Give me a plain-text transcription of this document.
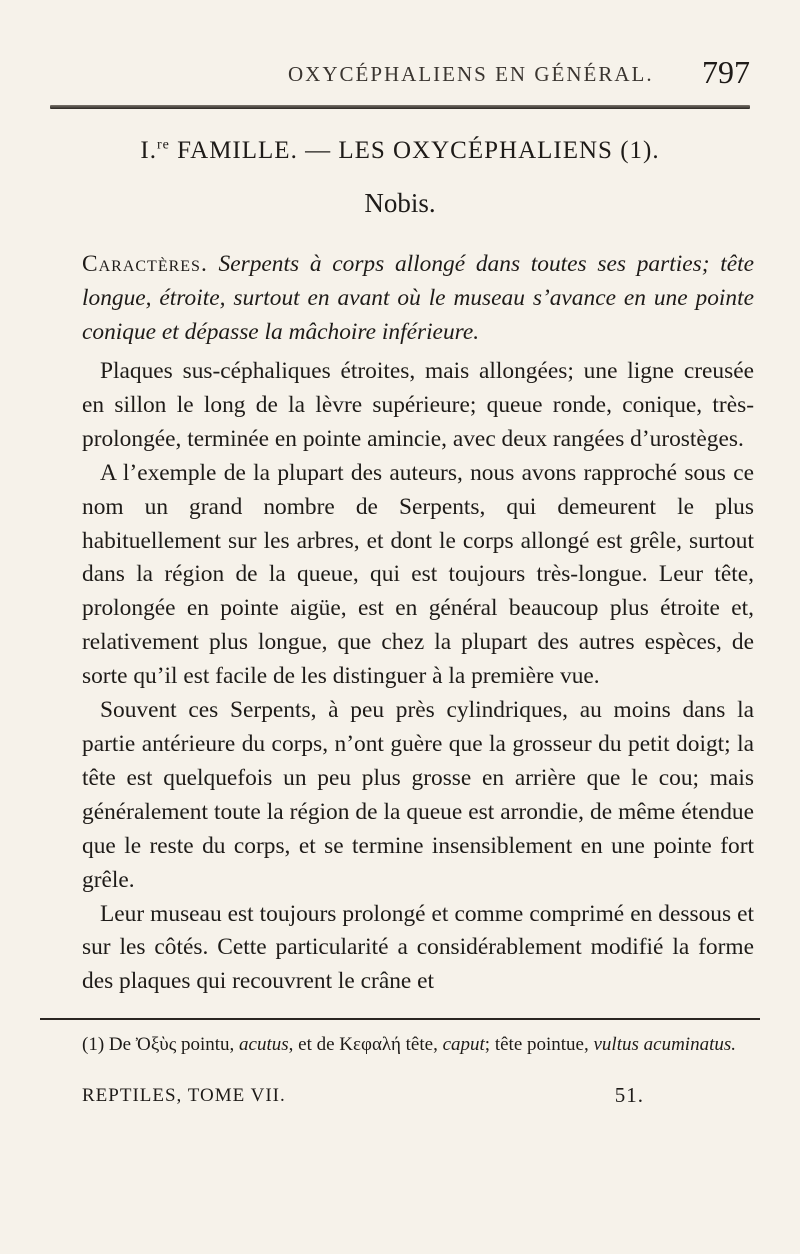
OXYCÉPHALIENS EN GÉNÉRAL. 797
I.$^{re}$ FAMILLE. — LES OXYCÉPHALIENS (1).
Nobis.
Caractères. Serpents à corps allongé dans toutes ses parties; tête longue, étroite, surtout en avant où le museau s’avance en une pointe conique et dépasse la mâchoire inférieure.

Plaques sus-céphaliques étroites, mais allongées; une ligne creusée en sillon le long de la lèvre supérieure; queue ronde, conique, très-prolongée, terminée en pointe amincie, avec deux rangées d’urostèges.

A l’exemple de la plupart des auteurs, nous avons rapproché sous ce nom un grand nombre de Serpents, qui demeurent le plus habituellement sur les arbres, et dont le corps allongé est grêle, surtout dans la région de la queue, qui est toujours très-longue. Leur tête, prolongée en pointe aigüe, est en général beaucoup plus étroite et, relativement plus longue, que chez la plupart des autres espèces, de sorte qu’il est facile de les distinguer à la première vue.

Souvent ces Serpents, à peu près cylindriques, au moins dans la partie antérieure du corps, n’ont guère que la grosseur du petit doigt; la tête est quelquefois un peu plus grosse en arrière que le cou; mais généralement toute la région de la queue est arrondie, de même étendue que le reste du corps, et se termine insensiblement en une pointe fort grêle.

Leur museau est toujours prolongé et comme comprimé en dessous et sur les côtés. Cette particularité a considérablement modifié la forme des plaques qui recouvrent le crâne et

(1) De Ὀξὺς pointu, acutus, et de Κεφαλή tête, caput; tête pointue, vultus acuminatus.
REPTILES, TOME VII.	51.
